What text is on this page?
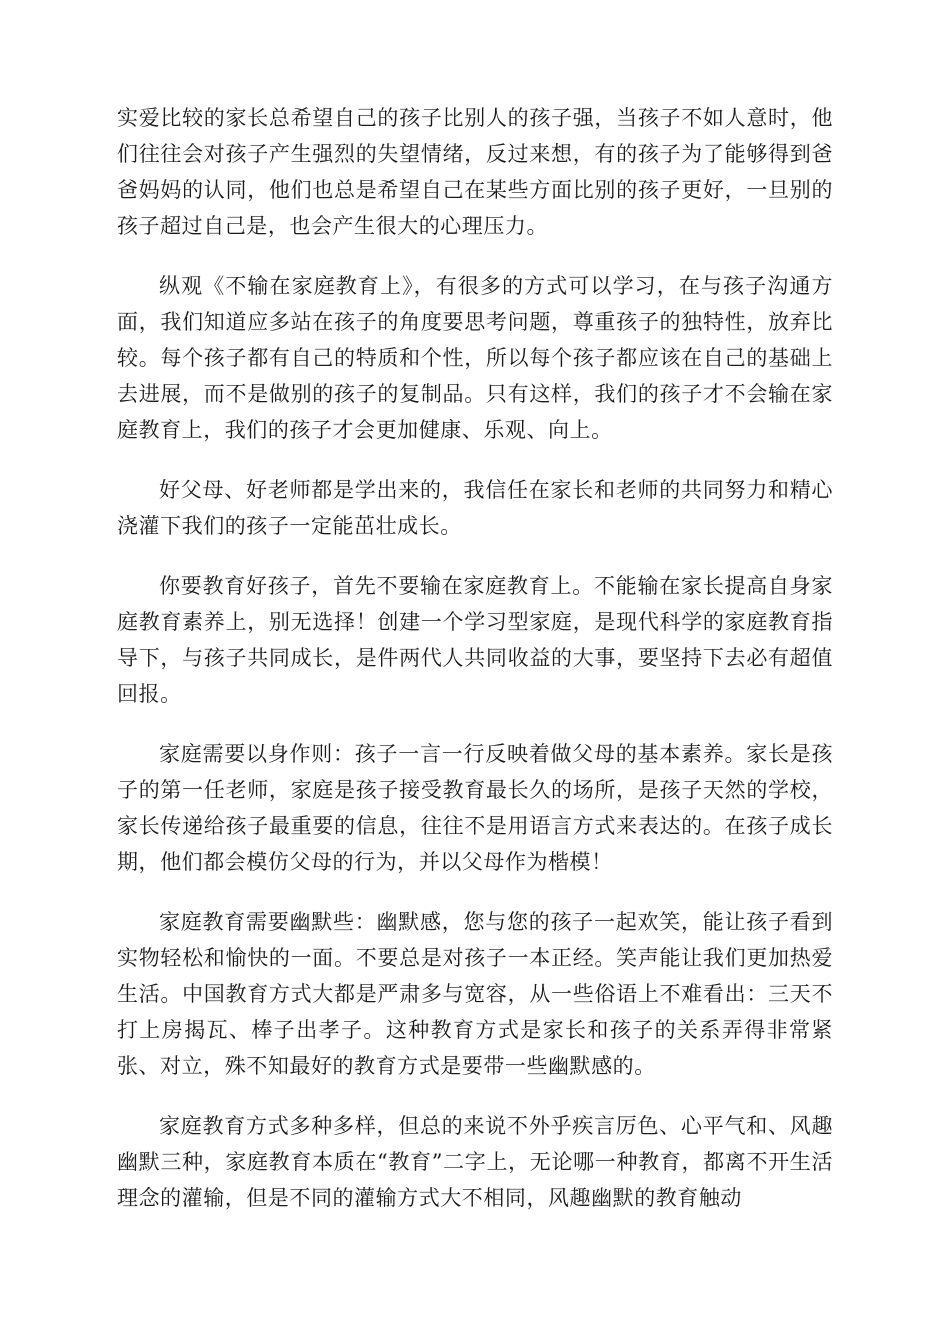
实爱比较的家长总希望自己的孩子比别人的孩子强，当孩子不如人意时，他们往往会对孩子产生强烈的失望情绪，反过来想，有的孩子为了能够得到爸爸妈妈的认同，他们也总是希望自己在某些方面比别的孩子更好，一旦别的孩子超过自己是，也会产生很大的心理压力。

纵观《不输在家庭教育上》，有很多的方式可以学习，在与孩子沟通方面，我们知道应多站在孩子的角度要思考问题，尊重孩子的独特性，放弃比较。每个孩子都有自己的特质和个性，所以每个孩子都应该在自己的基础上去进展，而不是做别的孩子的复制品。只有这样，我们的孩子才不会输在家庭教育上，我们的孩子才会更加健康、乐观、向上。

好父母、好老师都是学出来的，我信任在家长和老师的共同努力和精心浇灌下我们的孩子一定能茁壮成长。

你要教育好孩子，首先不要输在家庭教育上。不能输在家长提高自身家庭教育素养上，别无选择！创建一个学习型家庭，是现代科学的家庭教育指导下，与孩子共同成长，是件两代人共同收益的大事，要坚持下去必有超值回报。

家庭需要以身作则：孩子一言一行反映着做父母的基本素养。家长是孩子的第一任老师，家庭是孩子接受教育最长久的场所，是孩子天然的学校，家长传递给孩子最重要的信息，往往不是用语言方式来表达的。在孩子成长期，他们都会模仿父母的行为，并以父母作为楷模！

家庭教育需要幽默些：幽默感，您与您的孩子一起欢笑，能让孩子看到实物轻松和愉快的一面。不要总是对孩子一本正经。笑声能让我们更加热爱生活。中国教育方式大都是严肃多与宽容，从一些俗语上不难看出：三天不打上房揭瓦、棒子出孝子。这种教育方式是家长和孩子的关系弄得非常紧张、对立，殊不知最好的教育方式是要带一些幽默感的。

家庭教育方式多种多样，但总的来说不外乎疾言厉色、心平气和、风趣幽默三种，家庭教育本质在“教育”二字上，无论哪一种教育，都离不开生活理念的灌输，但是不同的灌输方式大不相同，风趣幽默的教育触动
